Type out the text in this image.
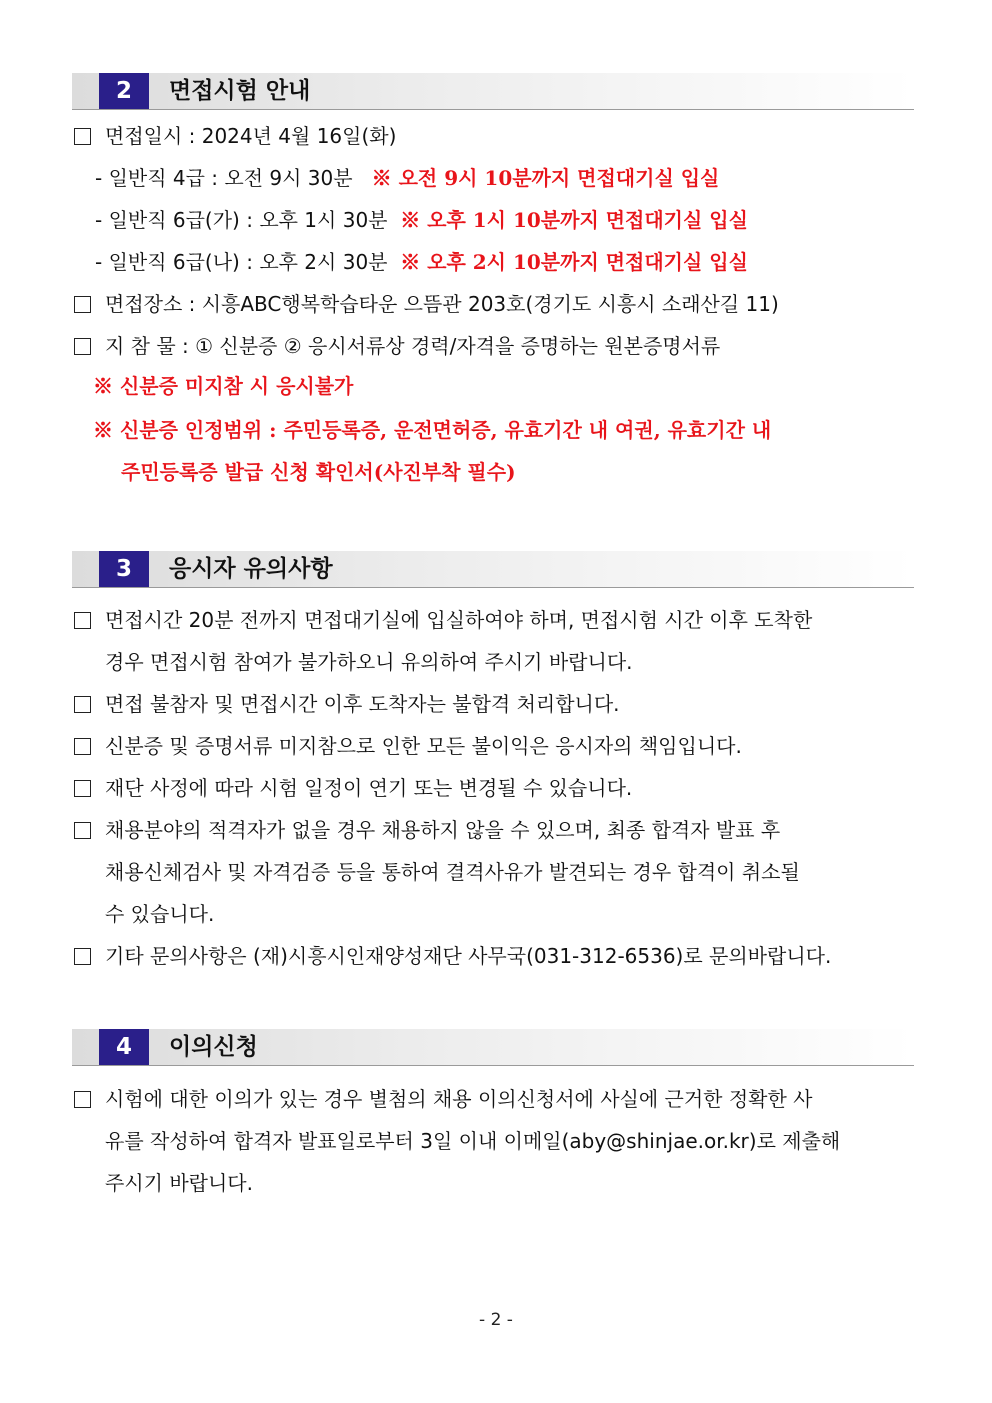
2	면접시험 안내
면접일시 : 2024년 4월 16일(화)
- 일반직 4급 : 오전 9시 30분 ※ 오전 9시 10분까지 면접대기실 입실
- 일반직 6급(가) : 오후 1시 30분 ※ 오후 1시 10분까지 면접대기실 입실
- 일반직 6급(나) : 오후 2시 30분 ※ 오후 2시 10분까지 면접대기실 입실
면접장소 : 시흥ABC행복학습타운 으뜸관 203호(경기도 시흥시 소래산길 11)
지 참 물 : ① 신분증 ② 응시서류상 경력/자격을 증명하는 원본증명서류
※ 신분증 미지참 시 응시불가
※ 신분증 인정범위 : 주민등록증, 운전면허증, 유효기간 내 여권, 유효기간 내
주민등록증 발급 신청 확인서(사진부착 필수)
3	응시자 유의사항
면접시간 20분 전까지 면접대기실에 입실하여야 하며, 면접시험 시간 이후 도착한
경우 면접시험 참여가 불가하오니 유의하여 주시기 바랍니다.
면접 불참자 및 면접시간 이후 도착자는 불합격 처리합니다.
신분증 및 증명서류 미지참으로 인한 모든 불이익은 응시자의 책임입니다.
재단 사정에 따라 시험 일정이 연기 또는 변경될 수 있습니다.
채용분야의 적격자가 없을 경우 채용하지 않을 수 있으며, 최종 합격자 발표 후
채용신체검사 및 자격검증 등을 통하여 결격사유가 발견되는 경우 합격이 취소될
수 있습니다.
기타 문의사항은 (재)시흥시인재양성재단 사무국(031-312-6536)로 문의바랍니다.
4	이의신청
시험에 대한 이의가 있는 경우 별첨의 채용 이의신청서에 사실에 근거한 정확한 사
유를 작성하여 합격자 발표일로부터 3일 이내 이메일(aby@shinjae.or.kr)로 제출해
주시기 바랍니다.
- 2 -
